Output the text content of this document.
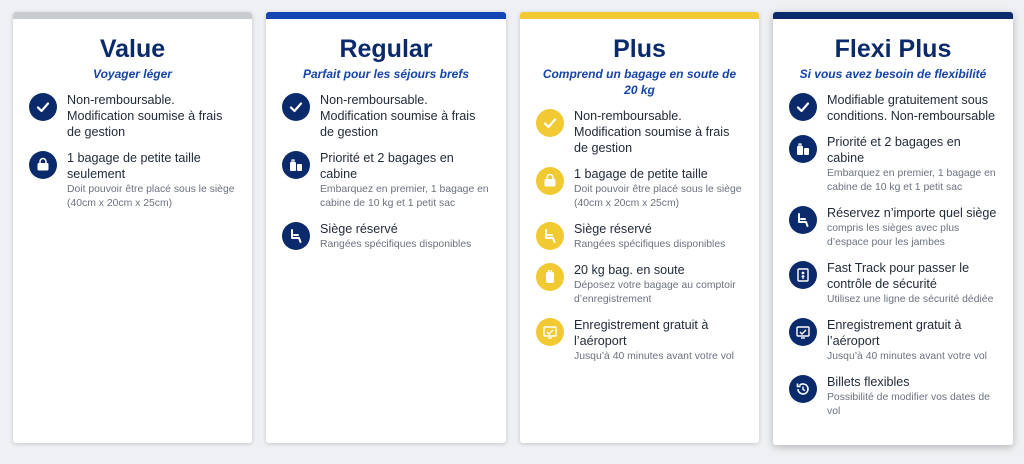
Value
Voyager léger
Non-remboursable. Modification soumise à frais de gestion
1 bagage de petite taille seulement
Doit pouvoir être placé sous le siège
(40cm x 20cm x 25cm)
Regular
Parfait pour les séjours brefs
Non-remboursable. Modification soumise à frais de gestion
Priorité et 2 bagages en cabine
Embarquez en premier, 1 bagage en cabine de 10 kg et 1 petit sac
Siège réservé
Rangées spécifiques disponibles
Plus
Comprend un bagage en soute de 20 kg
Non-remboursable. Modification soumise à frais de gestion
1 bagage de petite taille
Doit pouvoir être placé sous le siège
(40cm x 20cm x 25cm)
Siège réservé
Rangées spécifiques disponibles
20 kg bag. en soute
Déposez votre bagage au comptoir d’enregistrement
Enregistrement gratuit à l’aéroport
Jusqu’à 40 minutes avant votre vol
Flexi Plus
Si vous avez besoin de flexibilité
Modifiable gratuitement sous conditions. Non-remboursable
Priorité et 2 bagages en cabine
Embarquez en premier, 1 bagage en cabine de 10 kg et 1 petit sac
Réservez n’importe quel siège
compris les sièges avec plus d’espace pour les jambes
Fast Track pour passer le contrôle de sécurité
Utilisez une ligne de sécurité dédiée
Enregistrement gratuit à l’aéroport
Jusqu’à 40 minutes avant votre vol
Billets flexibles
Possibilité de modifier vos dates de vol
